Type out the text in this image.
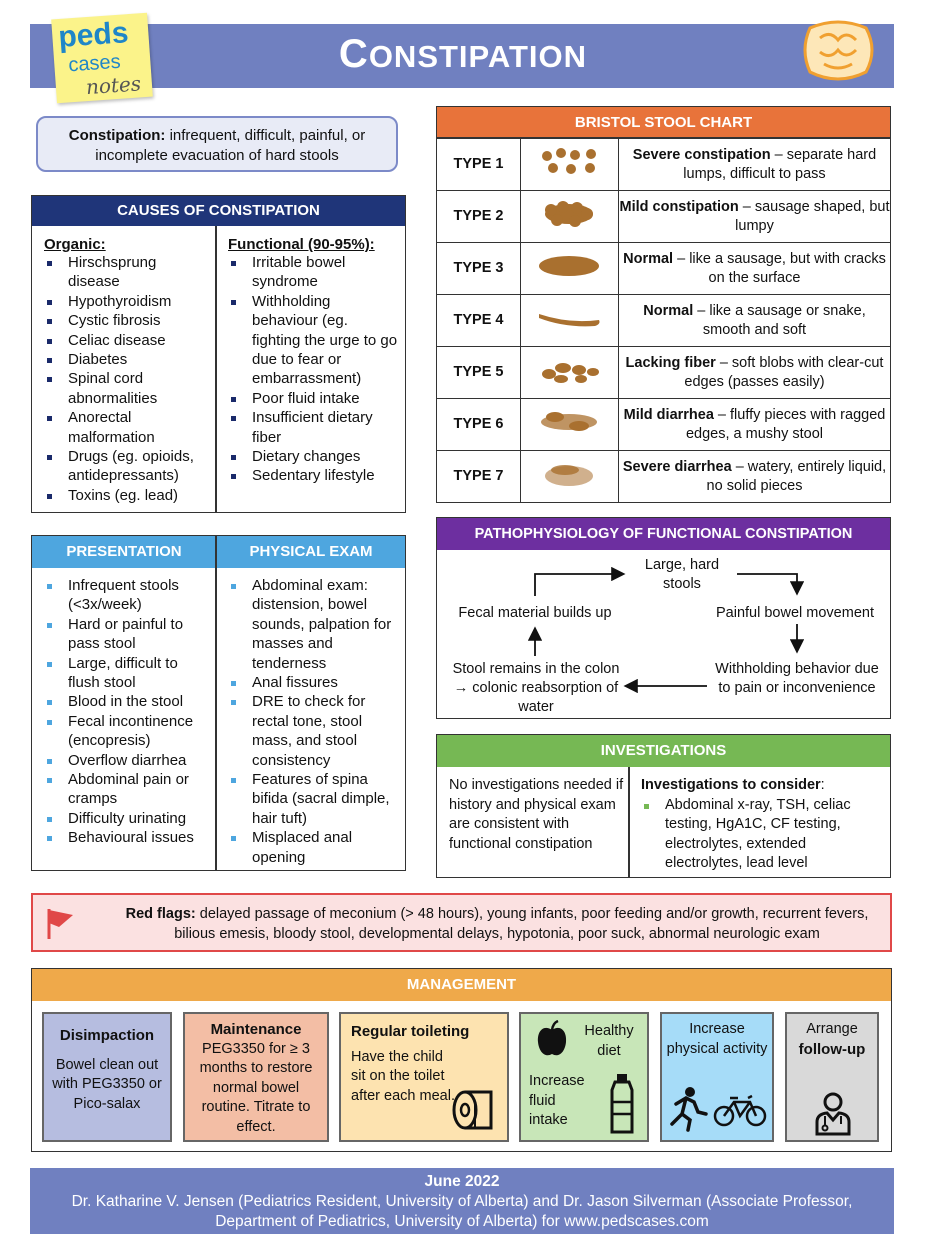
CONSTIPATION
peds
cases
notes
Constipation: infrequent, difficult, painful, or incomplete evacuation of hard stools
CAUSES OF CONSTIPATION
Organic:
Hirschsprung disease
Hypothyroidism
Cystic fibrosis
Celiac disease
Diabetes
Spinal cord abnormalities
Anorectal malformation
Drugs (eg. opioids, antidepressants)
Toxins (eg. lead)
Functional (90-95%):
Irritable bowel syndrome
Withholding behaviour (eg. fighting the urge to go due to fear or embarrassment)
Poor fluid intake
Insufficient dietary fiber
Dietary changes
Sedentary lifestyle
PRESENTATION	PHYSICAL EXAM
Infrequent stools (<3x/week)
Hard or painful to pass stool
Large, difficult to flush stool
Blood in the stool
Fecal incontinence (encopresis)
Overflow diarrhea
Abdominal pain or cramps
Difficulty urinating
Behavioural issues
Abdominal exam: distension, bowel sounds, palpation for masses and tenderness
Anal fissures
DRE to check for rectal tone, stool mass, and stool consistency
Features of spina bifida (sacral dimple, hair tuft)
Misplaced anal opening
BRISTOL STOOL CHART
TYPE 1		Severe constipation – separate hard lumps, difficult to pass
TYPE 2		Mild constipation – sausage shaped, but lumpy
TYPE 3		Normal – like a sausage, but with cracks on the surface
TYPE 4		Normal – like a sausage or snake, smooth and soft
TYPE 5		Lacking fiber – soft blobs with clear-cut edges (passes easily)
TYPE 6		Mild diarrhea – fluffy pieces with ragged edges, a mushy stool
TYPE 7		Severe diarrhea – watery, entirely liquid, no solid pieces
PATHOPHYSIOLOGY OF FUNCTIONAL CONSTIPATION
Large, hard stools
Painful bowel movement
Withholding behavior due to pain or inconvenience
Stool remains in the colon → colonic reabsorption of water
Fecal material builds up
INVESTIGATIONS
No investigations needed if history and physical exam are consistent with functional constipation
Investigations to consider:
Abdominal x-ray, TSH, celiac testing, HgA1C, CF testing, electrolytes, extended electrolytes, lead level
Red flags: delayed passage of meconium (> 48 hours), young infants, poor feeding and/or growth, recurrent fevers, bilious emesis, bloody stool, developmental delays, hypotonia, poor suck, abnormal neurologic exam
MANAGEMENT
Disimpaction
Bowel clean out with PEG3350 or Pico-salax
Maintenance
PEG3350 for ≥ 3 months to restore normal bowel routine. Titrate to effect.
Regular toileting
Have the child sit on the toilet after each meal.
Healthy diet
Increase fluid intake
Increase physical activity
Arrange
follow-up
June 2022
Dr. Katharine V. Jensen (Pediatrics Resident, University of Alberta) and Dr. Jason Silverman (Associate Professor, Department of Pediatrics, University of Alberta) for www.pedscases.com
